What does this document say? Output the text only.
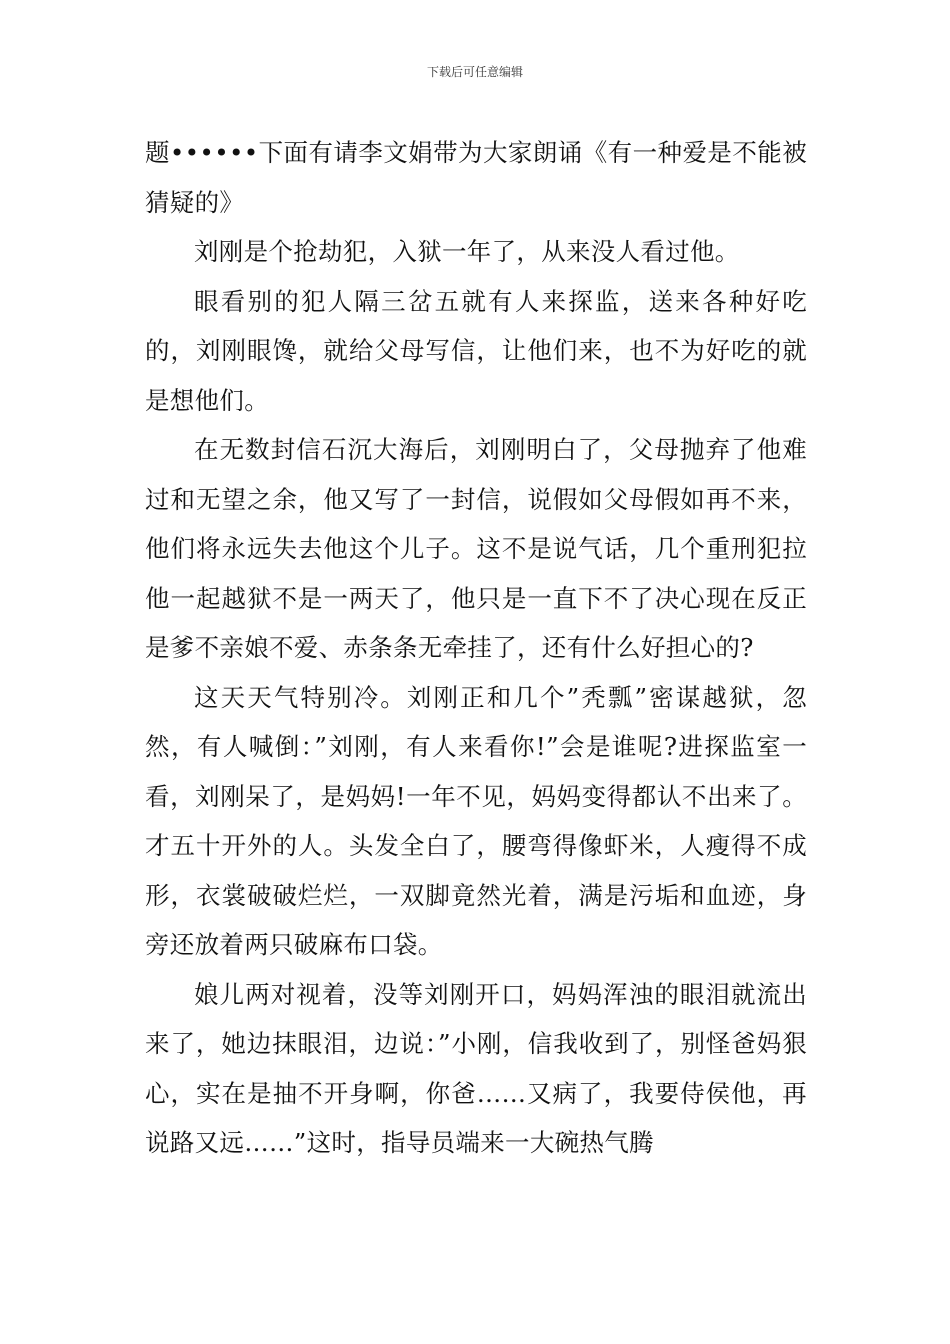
下载后可任意编辑

题••••••下面有请李文娟带为大家朗诵《有一种爱是不能被猜疑的》

刘刚是个抢劫犯，入狱一年了，从来没人看过他。

眼看别的犯人隔三岔五就有人来探监，送来各种好吃的，刘刚眼馋，就给父母写信，让他们来，也不为好吃的就是想他们。

在无数封信石沉大海后，刘刚明白了，父母抛弃了他难过和无望之余，他又写了一封信，说假如父母假如再不来，他们将永远失去他这个儿子。这不是说气话，几个重刑犯拉他一起越狱不是一两天了，他只是一直下不了决心现在反正是爹不亲娘不爱、赤条条无牵挂了，还有什么好担心的?

这天天气特别冷。刘刚正和几个”秃瓢”密谋越狱，忽然，有人喊倒：”刘刚，有人来看你!”会是谁呢?进探监室一看，刘刚呆了，是妈妈!一年不见，妈妈变得都认不出来了。才五十开外的人。头发全白了，腰弯得像虾米，人瘦得不成形，衣裳破破烂烂，一双脚竟然光着，满是污垢和血迹，身旁还放着两只破麻布口袋。

娘儿两对视着，没等刘刚开口，妈妈浑浊的眼泪就流出来了，她边抹眼泪，边说：”小刚，信我收到了，别怪爸妈狠心，实在是抽不开身啊，你爸……又病了，我要侍侯他，再说路又远……”这时，指导员端来一大碗热气腾
